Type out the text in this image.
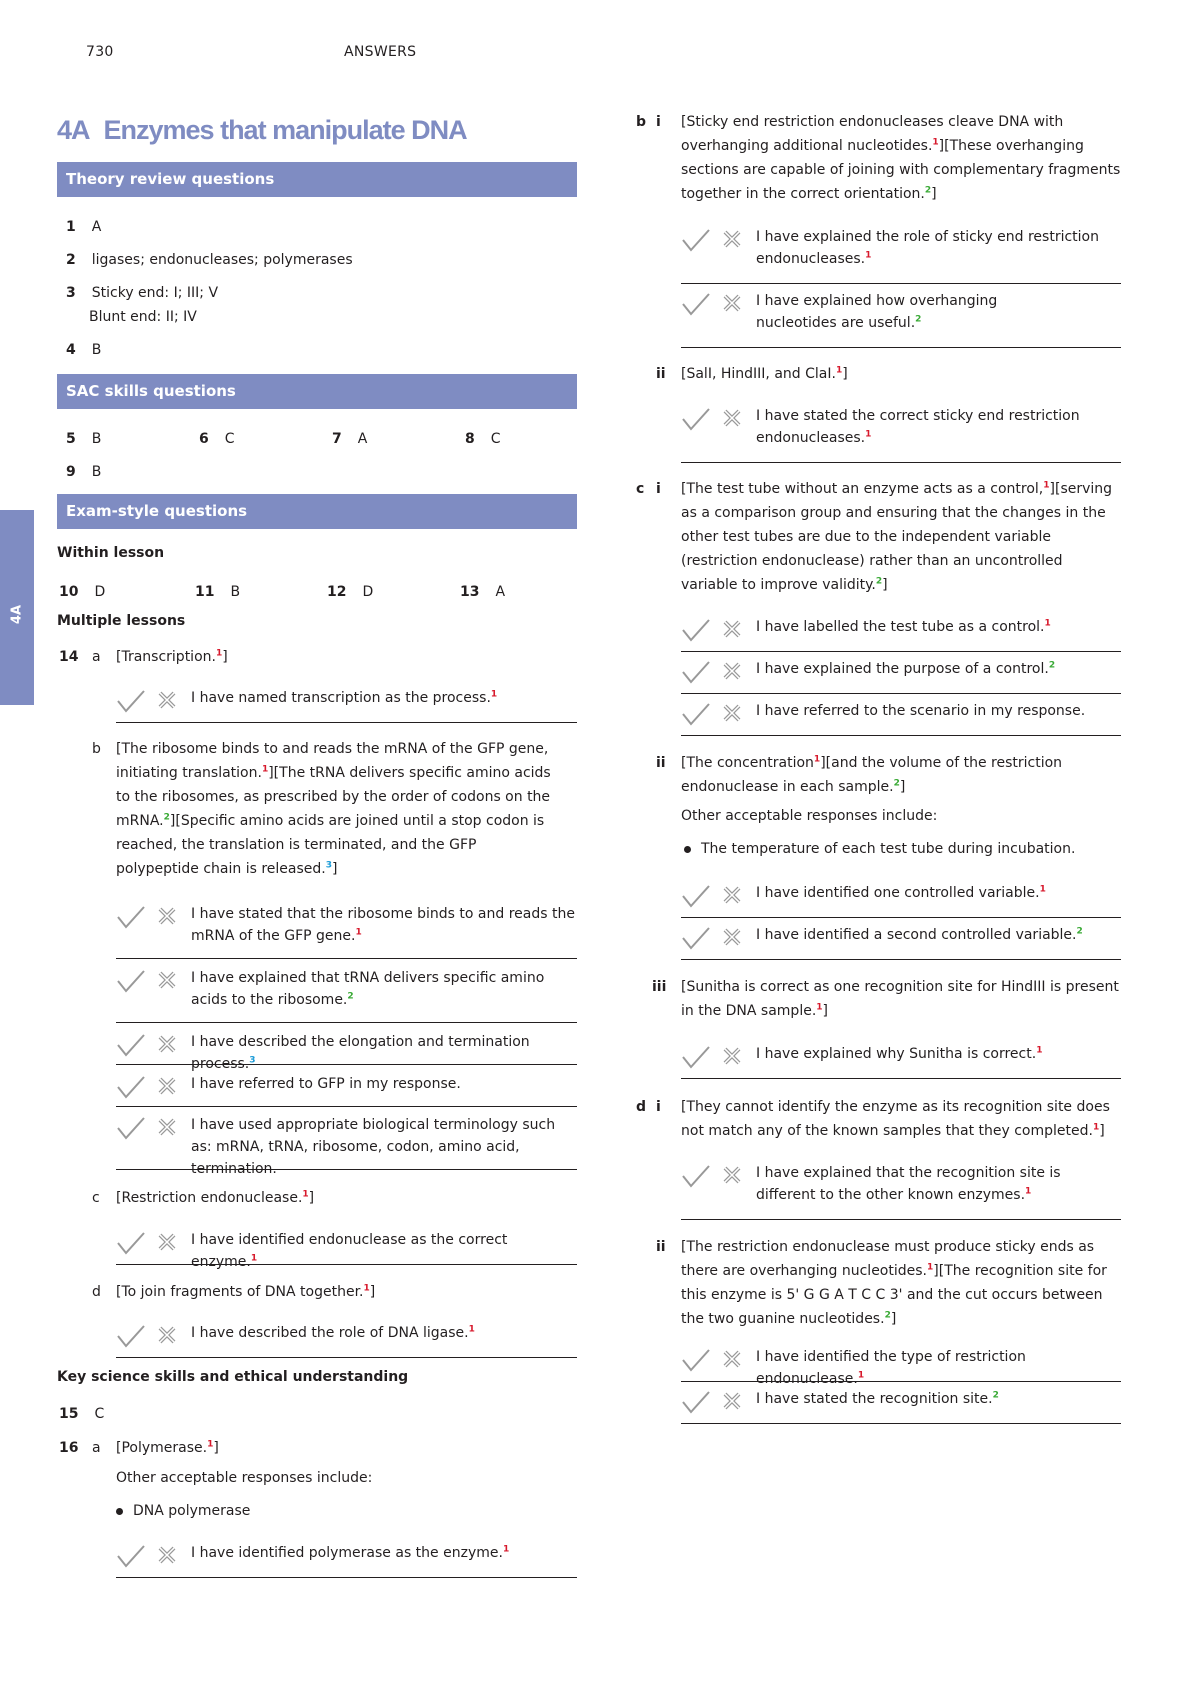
730	ANSWERS
4A
4A Enzymes that manipulate DNA
Theory review questions
1 A
2 ligases; endonucleases; polymerases
3 Sticky end: I; III; V
Blunt end: II; IV
4 B
SAC skills questions
5 B	6 C	7 A	8 C
9 B
Exam-style questions
Within lesson
10 D	11 B	12 D	13 A
Multiple lessons
14 a [Transcription.$^1$]
I have named transcription as the process.$^1$
b [The ribosome binds to and reads the mRNA of the GFP gene, initiating translation.$^1$][The tRNA delivers specific amino acids to the ribosomes, as prescribed by the order of codons on the mRNA.$^2$][Specific amino acids are joined until a stop codon is reached, the translation is terminated, and the GFP polypeptide chain is released.$^3$]
I have stated that the ribosome binds to and reads the mRNA of the GFP gene.$^1$
I have explained that tRNA delivers specific amino acids to the ribosome.$^2$
I have described the elongation and termination process.$^3$
I have referred to GFP in my response.
I have used appropriate biological terminology such as: mRNA, tRNA, ribosome, codon, amino acid, termination.
c [Restriction endonuclease.$^1$]
I have identified endonuclease as the correct enzyme.$^1$
d [To join fragments of DNA together.$^1$]
I have described the role of DNA ligase.$^1$
Key science skills and ethical understanding
15 C
16 a [Polymerase.$^1$]
Other acceptable responses include:
DNA polymerase
I have identified polymerase as the enzyme.$^1$
b i [Sticky end restriction endonucleases cleave DNA with overhanging additional nucleotides.$^1$][These overhanging sections are capable of joining with complementary fragments together in the correct orientation.$^2$]
I have explained the role of sticky end restriction endonucleases.$^1$
I have explained how overhanging nucleotides are useful.$^2$
ii [SalI, HindIII, and ClaI.$^1$]
I have stated the correct sticky end restriction endonucleases.$^1$
c i [The test tube without an enzyme acts as a control,$^1$][serving as a comparison group and ensuring that the changes in the other test tubes are due to the independent variable (restriction endonuclease) rather than an uncontrolled variable to improve validity.$^2$]
I have labelled the test tube as a control.$^1$
I have explained the purpose of a control.$^2$
I have referred to the scenario in my response.
ii [The concentration$^1$][and the volume of the restriction endonuclease in each sample.$^2$]
Other acceptable responses include:
The temperature of each test tube during incubation.
I have identified one controlled variable.$^1$
I have identified a second controlled variable.$^2$
iii [Sunitha is correct as one recognition site for HindIII is present in the DNA sample.$^1$]
I have explained why Sunitha is correct.$^1$
d i [They cannot identify the enzyme as its recognition site does not match any of the known samples that they completed.$^1$]
I have explained that the recognition site is different to the other known enzymes.$^1$
ii [The restriction endonuclease must produce sticky ends as there are overhanging nucleotides.$^1$][The recognition site for this enzyme is 5' G G A T C C 3' and the cut occurs between the two guanine nucleotides.$^2$]
I have identified the type of restriction endonuclease.$^1$
I have stated the recognition site.$^2$
